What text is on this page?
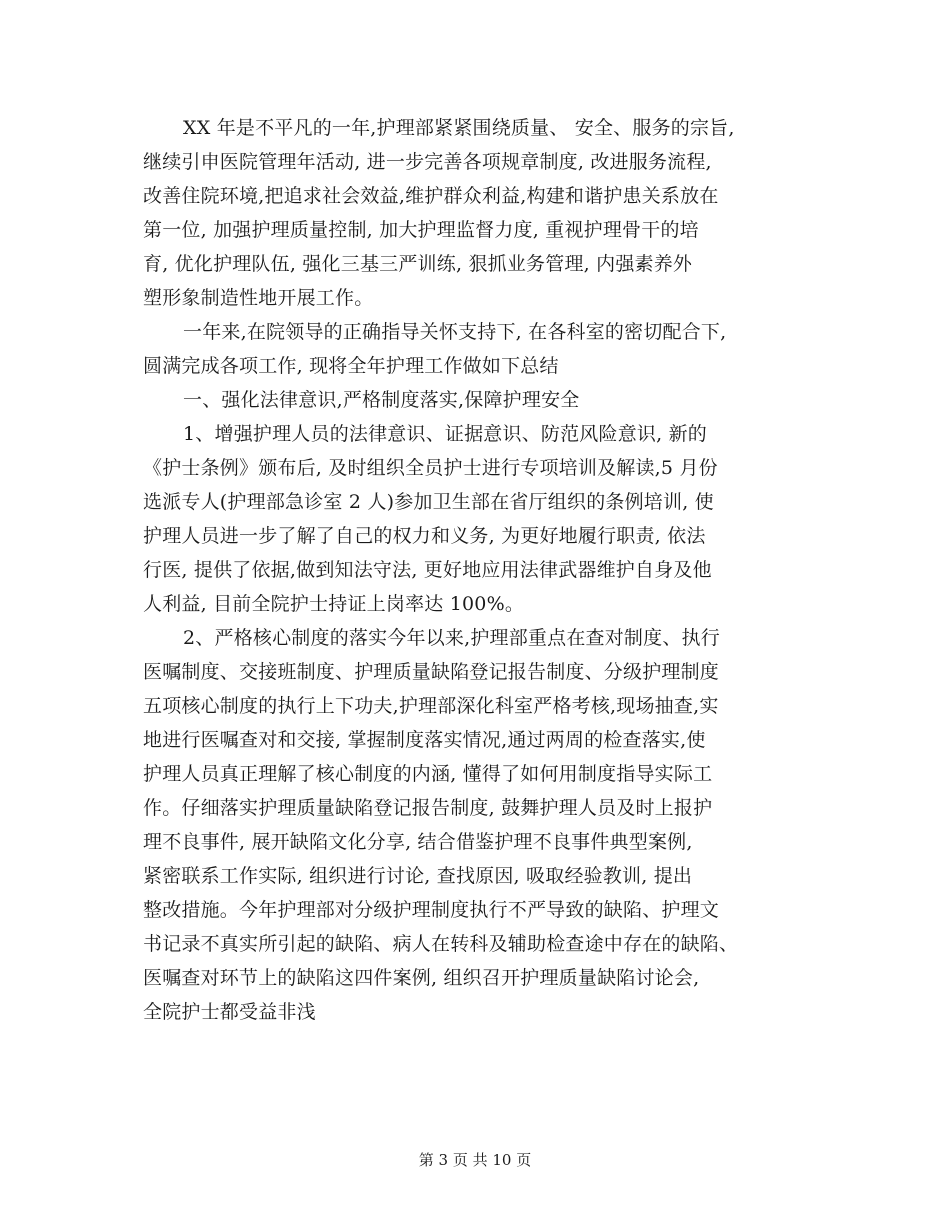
XX 年是不平凡的一年,护理部紧紧围绕质量、 安全、服务的宗旨,
继续引申医院管理年活动, 进一步完善各项规章制度, 改进服务流程,
改善住院环境,把追求社会效益,维护群众利益,构建和谐护患关系放在
第一位, 加强护理质量控制, 加大护理监督力度, 重视护理骨干的培
育, 优化护理队伍, 强化三基三严训练, 狠抓业务管理, 内强素养外
塑形象制造性地开展工作。
一年来,在院领导的正确指导关怀支持下, 在各科室的密切配合下,
圆满完成各项工作, 现将全年护理工作做如下总结
一、强化法律意识,严格制度落实,保障护理安全
1、增强护理人员的法律意识、证据意识、防范风险意识, 新的
《护士条例》颁布后, 及时组织全员护士进行专项培训及解读,5 月份
选派专人(护理部急诊室 2 人)参加卫生部在省厅组织的条例培训, 使
护理人员进一步了解了自己的权力和义务, 为更好地履行职责, 依法
行医, 提供了依据,做到知法守法, 更好地应用法律武器维护自身及他
人利益, 目前全院护士持证上岗率达 100%。
2、严格核心制度的落实今年以来,护理部重点在查对制度、执行
医嘱制度、交接班制度、护理质量缺陷登记报告制度、分级护理制度
五项核心制度的执行上下功夫,护理部深化科室严格考核,现场抽查,实
地进行医嘱查对和交接, 掌握制度落实情况,通过两周的检查落实,使
护理人员真正理解了核心制度的内涵, 懂得了如何用制度指导实际工
作。仔细落实护理质量缺陷登记报告制度, 鼓舞护理人员及时上报护
理不良事件, 展开缺陷文化分享, 结合借鉴护理不良事件典型案例,
紧密联系工作实际, 组织进行讨论, 查找原因, 吸取经验教训, 提出
整改措施。今年护理部对分级护理制度执行不严导致的缺陷、护理文
书记录不真实所引起的缺陷、病人在转科及辅助检查途中存在的缺陷、
医嘱查对环节上的缺陷这四件案例, 组织召开护理质量缺陷讨论会,
全院护士都受益非浅
第 3 页 共 10 页
